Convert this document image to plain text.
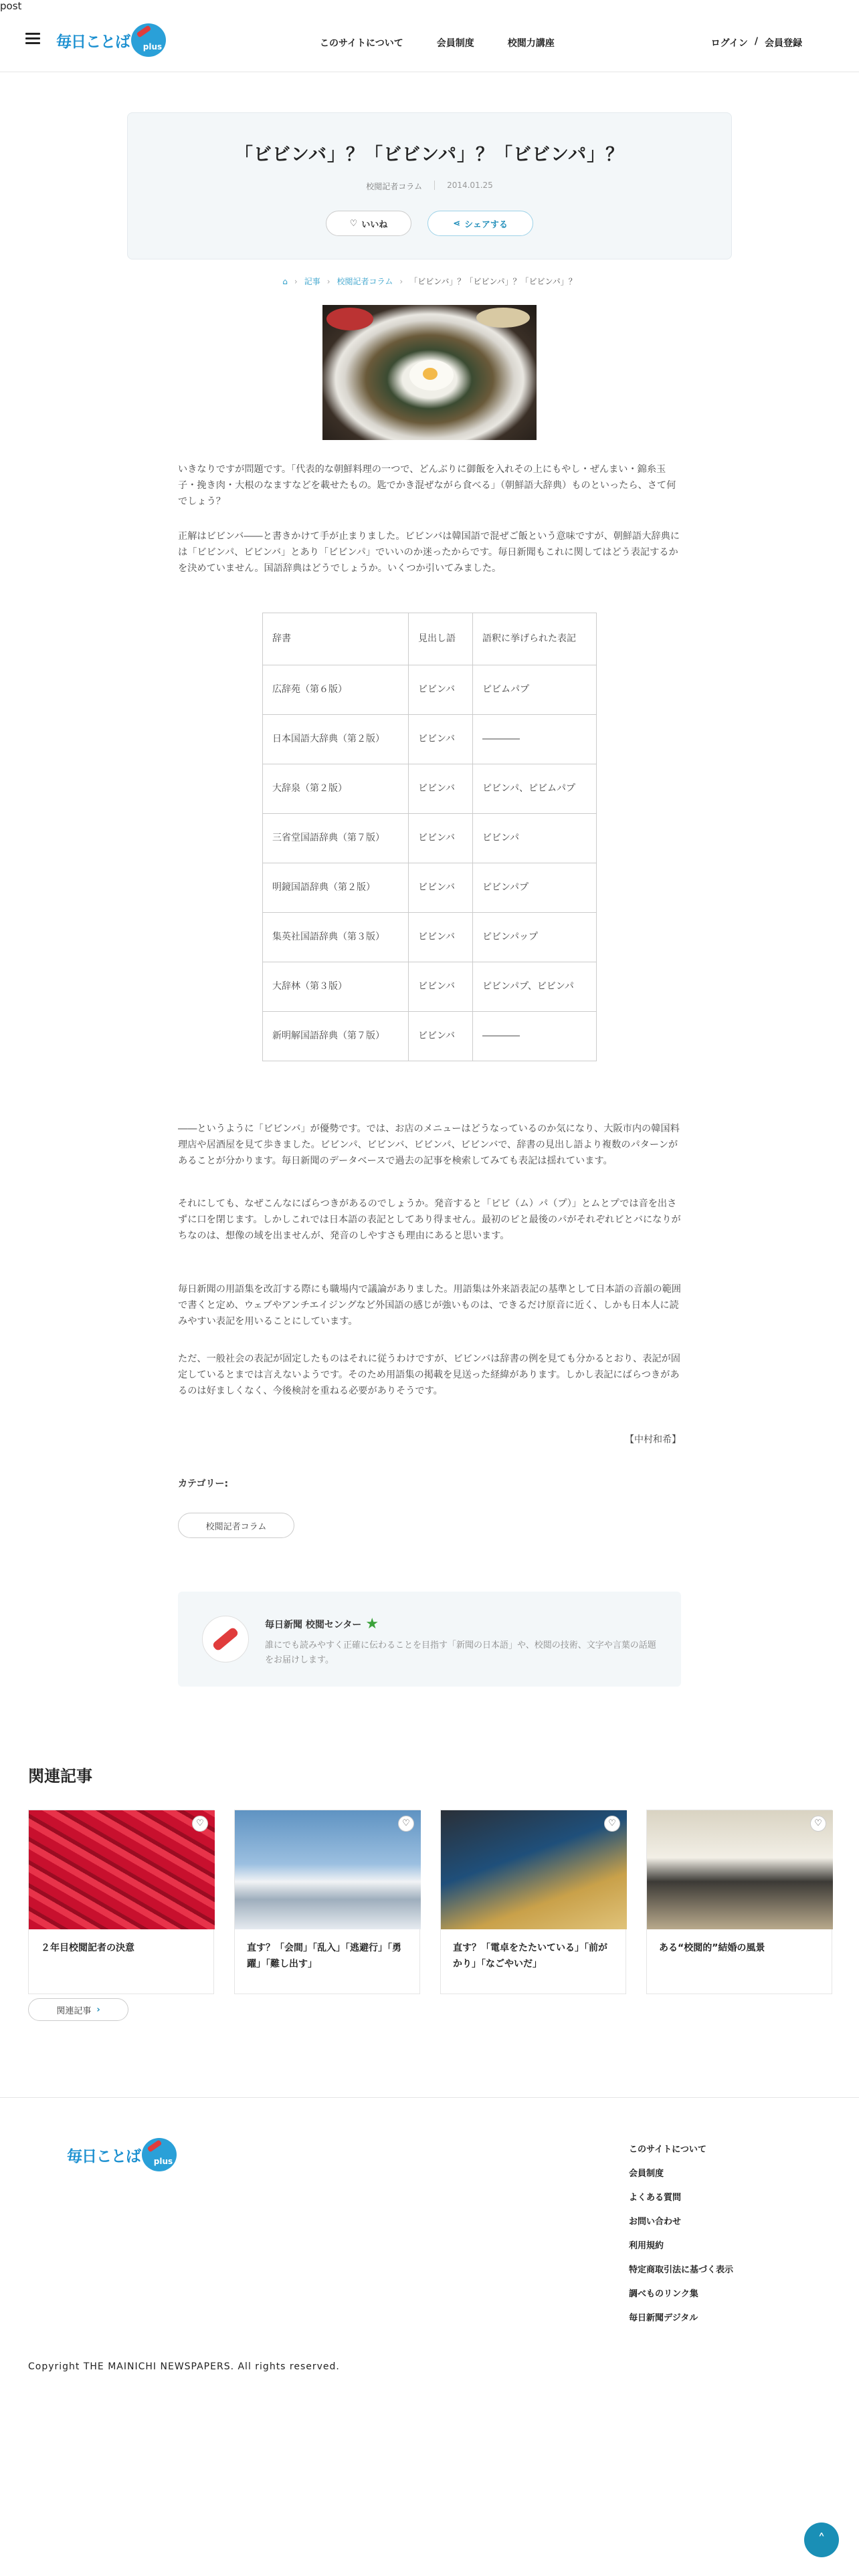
post
毎日ことば plus	このサイトについて	会員制度	校閲力講座	ログイン / 会員登録
「ビビンバ」？「ビビンパ」？「ビビンパ」？
校閲記者コラム	2014.01.25
♡ いいね	⋖ シェアする
⌂ › 記事 › 校閲記者コラム › 「ビビンバ」？「ビビンパ」？「ビビンパ」？

いきなりですが問題です。「代表的な朝鮮料理の一つで、どんぶりに御飯を入れその上にもやし・ぜんまい・錦糸玉子・挽き肉・大根のなますなどを載せたもの。匙でかき混ぜながら食べる」（朝鮮語大辞典）ものといったら、さて何でしょう？

正解はビビンバ――と書きかけて手が止まりました。ビビンバは韓国語で混ぜご飯という意味ですが、朝鮮語大辞典には「ビビンパ、ビビンバ」とあり「ビビンパ」でいいのか迷ったからです。毎日新聞もこれに関してはどう表記するかを決めていません。国語辞典はどうでしょうか。いくつか引いてみました。

辞書	見出し語	語釈に挙げられた表記
広辞苑（第６版）	ビビンバ	ピビムパプ
日本国語大辞典（第２版）	ビビンバ	――――
大辞泉（第２版）	ビビンバ	ピビンパ、ピビムパプ
三省堂国語辞典（第７版）	ビビンバ	ビビンパ
明鏡国語辞典（第２版）	ビビンバ	ピビンパプ
集英社国語辞典（第３版）	ビビンバ	ピビンパップ
大辞林（第３版）	ビビンバ	ピビンパプ、ビビンパ
新明解国語辞典（第７版）	ビビンバ	――――

――というように「ビビンバ」が優勢です。では、お店のメニューはどうなっているのか気になり、大阪市内の韓国料理店や居酒屋を見て歩きました。ビビンパ、ビビンバ、ビビンパ、ビビンバで、辞書の見出し語より複数のパターンがあることが分かります。毎日新聞のデータベースで過去の記事を検索してみても表記は揺れています。

それにしても、なぜこんなにばらつきがあるのでしょうか。発音すると「ピビ（ム）パ（プ）」とムとプでは音を出さずに口を閉じます。しかしこれでは日本語の表記としてあり得ません。最初のピと最後のパがそれぞれビとバになりがちなのは、想像の域を出ませんが、発音のしやすさも理由にあると思います。

毎日新聞の用語集を改訂する際にも職場内で議論がありました。用語集は外来語表記の基準として日本語の音韻の範囲で書くと定め、ウェブやアンチエイジングなど外国語の感じが強いものは、できるだけ原音に近く、しかも日本人に読みやすい表記を用いることにしています。

ただ、一般社会の表記が固定したものはそれに従うわけですが、ビビンバは辞書の例を見ても分かるとおり、表記が固定しているとまでは言えないようです。そのため用語集の掲載を見送った経緯があります。しかし表記にばらつきがあるのは好ましくなく、今後検討を重ねる必要がありそうです。

【中村和希】
カテゴリー:
校閲記者コラム
毎日新聞 校閲センター ★
誰にでも読みやすく正確に伝わることを目指す「新聞の日本語」や、校閲の技術、文字や言葉の話題をお届けします。
関連記事
♡
２年目校閲記者の決意
♡
直す？「会間」「乱入」「逃避行」「勇躍」「難し出す」
♡
直す？「電卓をたたいている」「前がかり」「なごやいだ」
♡
ある“校閲的”結婚の風景
関連記事 ›
毎日ことば plus
このサイトについて
会員制度
よくある質問
お問い合わせ
利用規約
特定商取引法に基づく表示
調べものリンク集
毎日新聞デジタル
Copyright THE MAINICHI NEWSPAPERS. All rights reserved.
˄
